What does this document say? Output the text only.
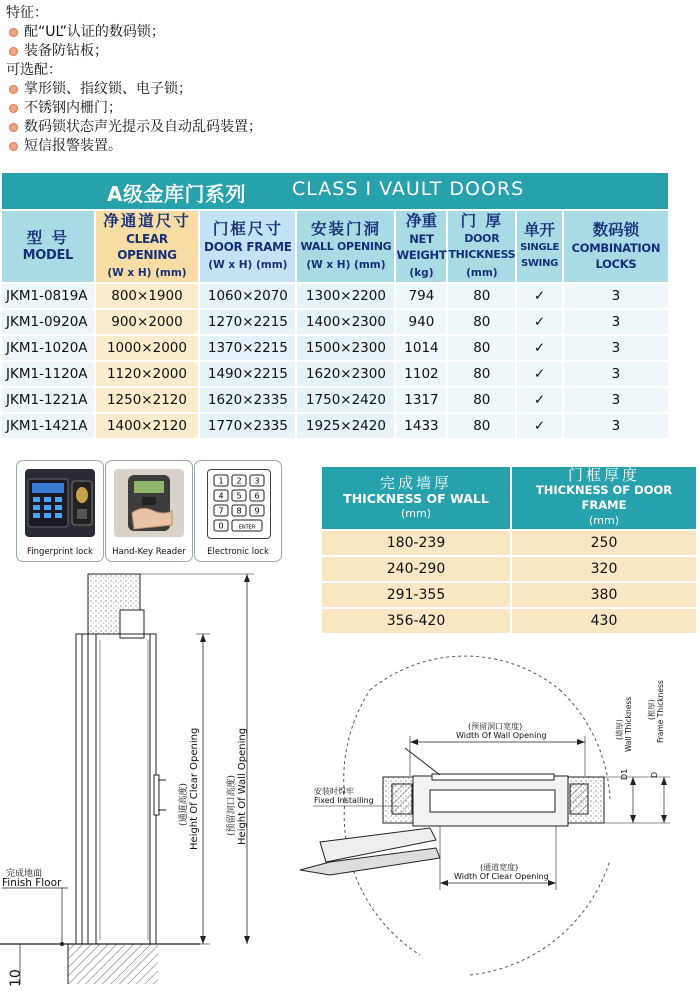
特征：
配“UL”认证的数码锁；
装备防钻板；
可选配：
掌形锁、指纹锁、电子锁；
不锈钢内栅门；
数码锁状态声光提示及自动乱码装置；
短信报警装置。
A级金库门系列 CLASS Ⅰ VAULT DOORS
型 号
MODEL	净通道尺寸
CLEAR OPENING
(W x H) (mm)	门框尺寸
DOOR FRAME
(W x H) (mm)	安装门洞
WALL OPENING
(W x H) (mm)	净重
NET WEIGHT
(kg)	门 厚
DOOR THICKNESS
(mm)	单开
SINGLE SWING	数码锁
COMBINATION LOCKS

JKM1-0819A	800×1900	1060×2070	1300×2200	794	80	✓	3
JKM1-0920A	900×2000	1270×2215	1400×2300	940	80	✓	3
JKM1-1020A	1000×2000	1370×2215	1500×2300	1014	80	✓	3
JKM1-1120A	1120×2000	1490×2215	1620×2300	1102	80	✓	3
JKM1-1221A	1250×2120	1620×2335	1750×2420	1317	80	✓	3
JKM1-1421A	1400×2120	1770×2335	1925×2420	1433	80	✓	3
Fingerprint lock	Hand-Key Reader
1 2 3
4 5 6
7 8 9
0	ENTER
Electronic lock
完成墙厚
THICKNESS OF WALL
(mm)	门框厚度
THICKNESS OF DOOR FRAME
(mm)

180-239	250
240-290	320
291-355	380
356-420	430
完成地面
Finish Floor
(通道高度) Height Of Clear Opening	(预留洞口高度) Height Of Wall Opening
10
(预留洞口宽度)
Width Of Wall Opening
(通道宽度)
Width Of Clear Opening
安装时焊牢
Fixed Installing
(墙厚) Wall Thickness
D1
(框厚) Frame Thickness
D
